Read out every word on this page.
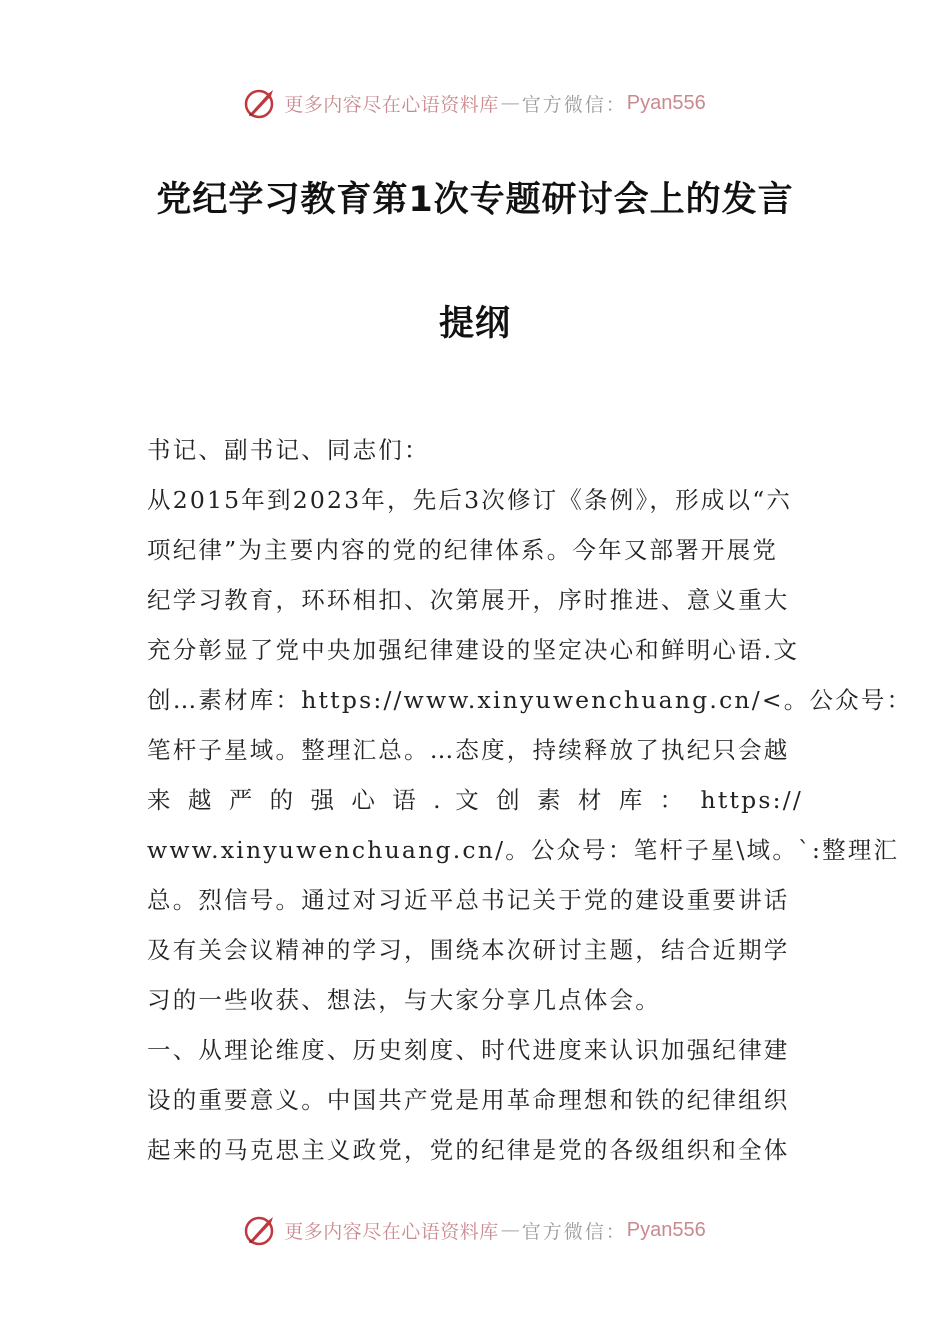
更多内容尽在心语资料库 — 官方微信： Pyan556
党纪学习教育第1次专题研讨会上的发言
提纲
书记、副书记、同志们：
从2015年到2023年，先后3次修订《条例》，形成以“六
项纪律”为主要内容的党的纪律体系。今年又部署开展党
纪学习教育，环环相扣、次第展开，序时推进、意义重大
充分彰显了党中央加强纪律建设的坚定决心和鲜明心语.文
创…素材库：https://www.xinyuwenchuang.cn/<。公众号：
笔杆子星域。整理汇总。…态度，持续释放了执纪只会越
来 越 严 的 强 心 语 . 文 创 素 材 库 ： https://
www.xinyuwenchuang.cn/。公众号：笔杆子星\域。`:整理汇
总。烈信号。通过对习近平总书记关于党的建设重要讲话
及有关会议精神的学习，围绕本次研讨主题，结合近期学
习的一些收获、想法，与大家分享几点体会。
一、从理论维度、历史刻度、时代进度来认识加强纪律建
设的重要意义。中国共产党是用革命理想和铁的纪律组织
起来的马克思主义政党，党的纪律是党的各级组织和全体
更多内容尽在心语资料库 — 官方微信： Pyan556
